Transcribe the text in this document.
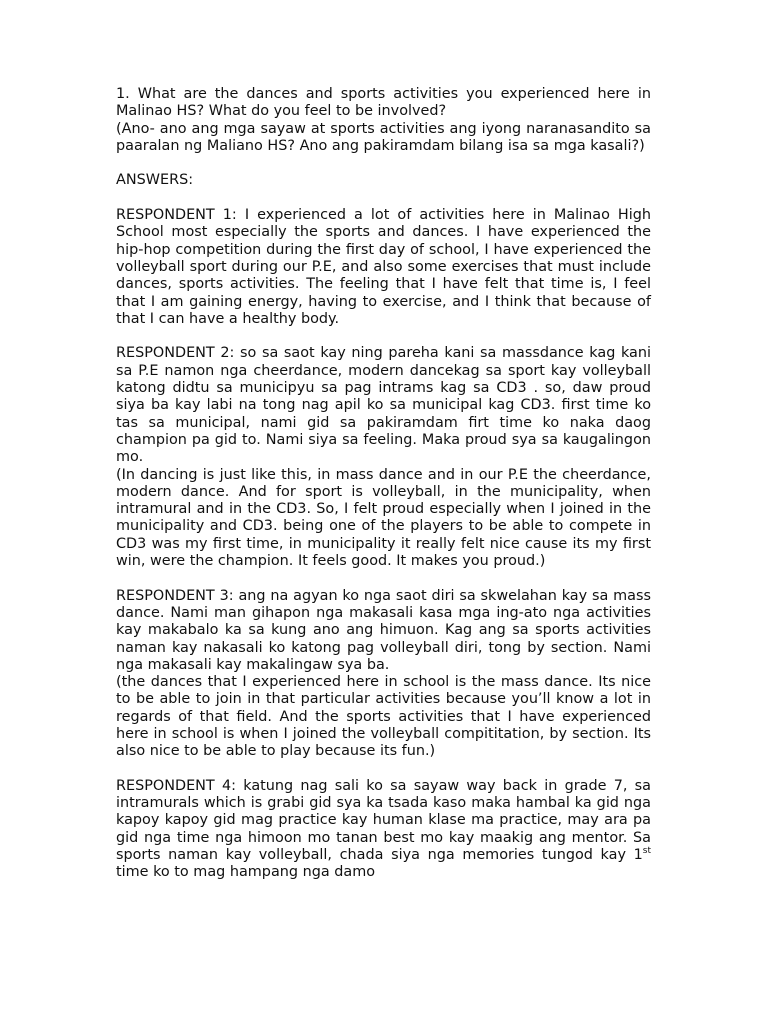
1. What are the dances and sports activities you experienced here in Malinao HS? What do you feel to be involved?

(Ano- ano ang mga sayaw at sports activities ang iyong naranasandito sa paaralan ng Maliano HS? Ano ang pakiramdam bilang isa sa mga kasali?)

ANSWERS:

RESPONDENT 1: I experienced a lot of activities here in Malinao High School most especially the sports and dances. I have experienced the hip-hop competition during the first day of school, I have experienced the volleyball sport during our P.E, and also some exercises that must include dances, sports activities. The feeling that I have felt that time is, I feel that I am gaining energy, having to exercise, and I think that because of that I can have a healthy body.

RESPONDENT 2: so sa saot kay ning pareha kani sa massdance kag kani sa P.E namon nga cheerdance, modern dancekag sa sport kay volleyball katong didtu sa municipyu sa pag intrams kag sa CD3 . so, daw proud siya ba kay labi na tong nag apil ko sa municipal kag CD3. first time ko tas sa municipal, nami gid sa pakiramdam firt time ko naka daog champion pa gid to. Nami siya sa feeling. Maka proud sya sa kaugalingon mo.

(In dancing is just like this, in mass dance and in our P.E the cheerdance, modern dance. And for sport is volleyball, in the municipality, when intramural and in the CD3. So, I felt proud especially when I joined in the municipality and CD3. being one of the players to be able to compete in CD3 was my first time, in municipality it really felt nice cause its my first win, were the champion. It feels good. It makes you proud.)

RESPONDENT 3: ang na agyan ko nga saot diri sa skwelahan kay sa mass dance. Nami man gihapon nga makasali kasa mga ing-ato nga activities kay makabalo ka sa kung ano ang himuon. Kag ang sa sports activities naman kay nakasali ko katong pag volleyball diri, tong by section. Nami nga makasali kay makalingaw sya ba.

(the dances that I experienced here in school is the mass dance. Its nice to be able to join in that particular activities because you’ll know a lot in regards of that field. And the sports activities that I have experienced here in school is when I joined the volleyball compititation, by section. Its also nice to be able to play because its fun.)

RESPONDENT 4: katung nag sali ko sa sayaw way back in grade 7, sa intramurals which is grabi gid sya ka tsada kaso maka hambal ka gid nga kapoy kapoy gid mag practice kay human klase ma practice, may ara pa gid nga time nga himoon mo tanan best mo kay maakig ang mentor. Sa sports naman kay volleyball, chada siya nga memories tungod kay 1st time ko to mag hampang nga damo
